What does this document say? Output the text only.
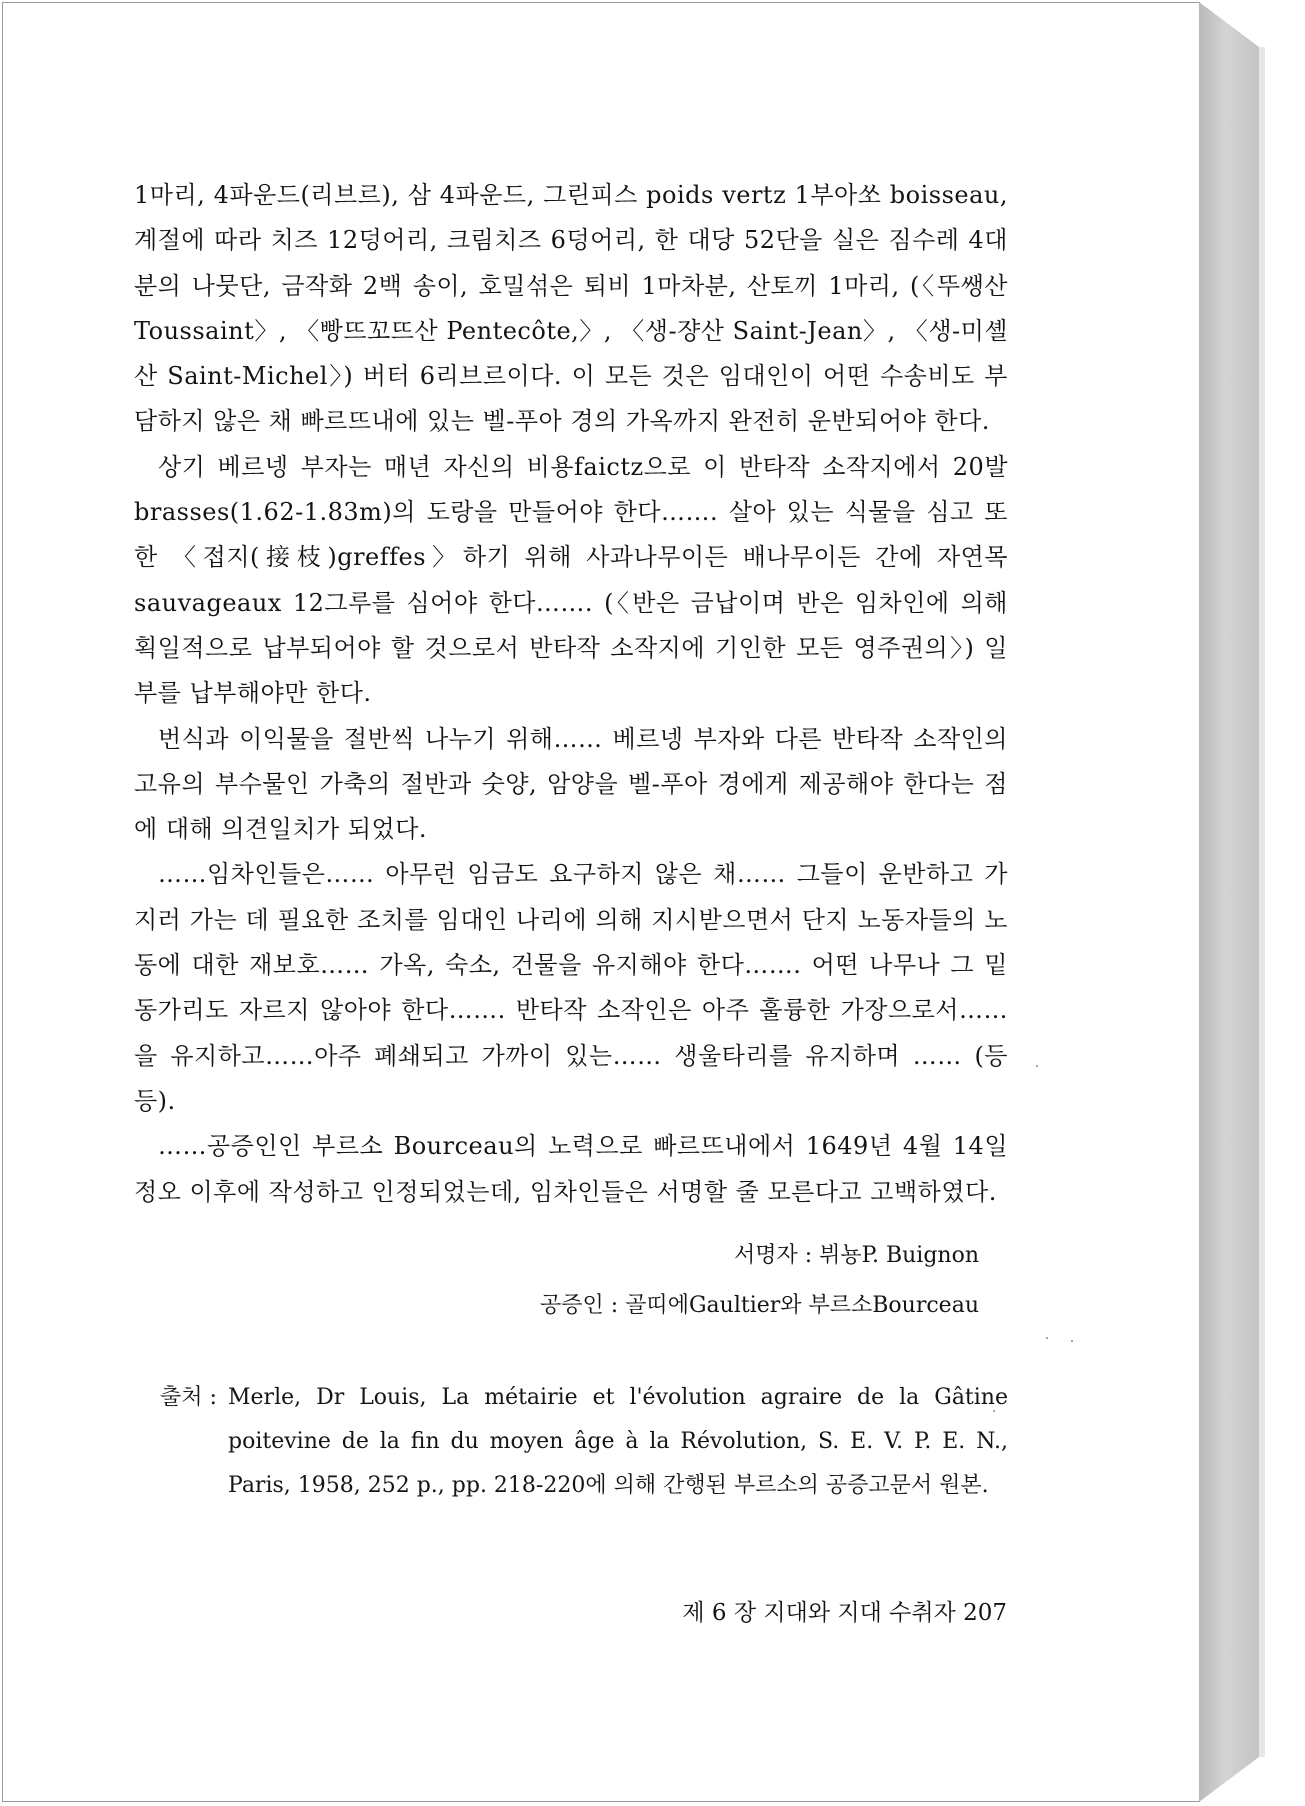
1마리, 4파운드(리브르), 삼 4파운드, 그린피스 poids vertz 1부아쏘 boisseau, 계절에 따라 치즈 12덩어리, 크림치즈 6덩어리, 한 대당 52단을 실은 짐수레 4대분의 나뭇단, 금작화 2백 송이, 호밀섞은 퇴비 1마차분, 산토끼 1마리, (〈뚜쌩산 Toussaint〉, 〈빵뜨꼬뜨산 Pentecôte,〉, 〈생-쟝산 Saint-Jean〉, 〈생-미셸산 Saint-Michel〉) 버터 6리브르이다. 이 모든 것은 임대인이 어떤 수송비도 부담하지 않은 채 빠르뜨내에 있는 벨-푸아 경의 가옥까지 완전히 운반되어야 한다.

상기 베르넹 부자는 매년 자신의 비용faictz으로 이 반타작 소작지에서 20발 brasses(1.62-1.83m)의 도랑을 만들어야 한다……. 살아 있는 식물을 심고 또한 〈접지(接枝)greffes〉하기 위해 사과나무이든 배나무이든 간에 자연목sauvageaux 12그루를 심어야 한다……. (〈반은 금납이며 반은 임차인에 의해 획일적으로 납부되어야 할 것으로서 반타작 소작지에 기인한 모든 영주권의〉) 일부를 납부해야만 한다.

번식과 이익물을 절반씩 나누기 위해…… 베르넹 부자와 다른 반타작 소작인의 고유의 부수물인 가축의 절반과 숫양, 암양을 벨-푸아 경에게 제공해야 한다는 점에 대해 의견일치가 되었다.

……임차인들은…… 아무런 임금도 요구하지 않은 채…… 그들이 운반하고 가지러 가는 데 필요한 조치를 임대인 나리에 의해 지시받으면서 단지 노동자들의 노동에 대한 재보호…… 가옥, 숙소, 건물을 유지해야 한다……. 어떤 나무나 그 밑동가리도 자르지 않아야 한다……. 반타작 소작인은 아주 훌륭한 가장으로서…… 을 유지하고……아주 폐쇄되고 가까이 있는…… 생울타리를 유지하며 …… (등등).

……공증인인 부르소 Bourceau의 노력으로 빠르뜨내에서 1649년 4월 14일 정오 이후에 작성하고 인정되었는데, 임차인들은 서명할 줄 모른다고 고백하였다.

서명자 : 뷔뇽P. Buignon
공증인 : 골띠에Gaultier와 부르소Bourceau
출처 : Merle, Dr Louis, La métairie et l'évolution agraire de la Gâtine poitevine de la fin du moyen âge à la Révolution, S. E. V. P. E. N., Paris, 1958, 252 p., pp. 218-220에 의해 간행된 부르소의 공증고문서 원본.
제 6 장 지대와 지대 수취자 207
